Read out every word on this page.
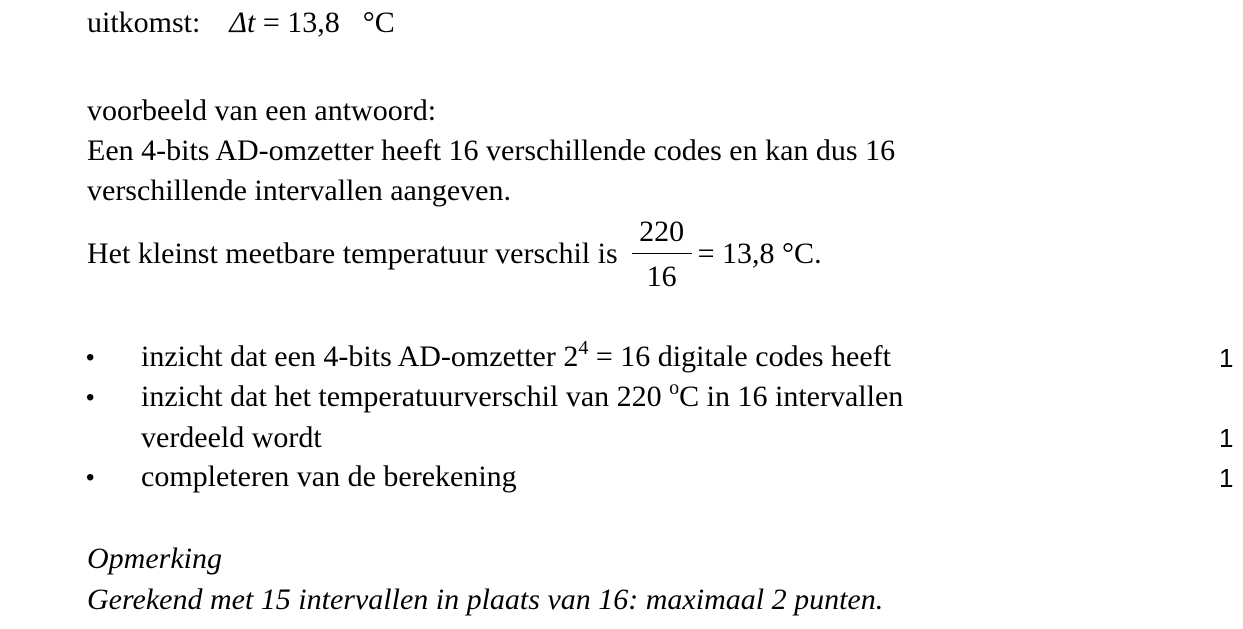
uitkomst: Δt = 13,8 °C
voorbeeld van een antwoord:
Een 4-bits AD-omzetter heeft 16 verschillende codes en kan dus 16
verschillende intervallen aangeven.
Het kleinst meetbare temperatuur verschil is $\frac{220}{16} = 13,8$ °C.
• inzicht dat een 4-bits AD-omzetter $2^4 = 16$ digitale codes heeft	1
• inzicht dat het temperatuurverschil van 220 $^o$C in 16 intervallen
verdeeld wordt	1
• completeren van de berekening	1
Opmerking
Gerekend met 15 intervallen in plaats van 16: maximaal 2 punten.
